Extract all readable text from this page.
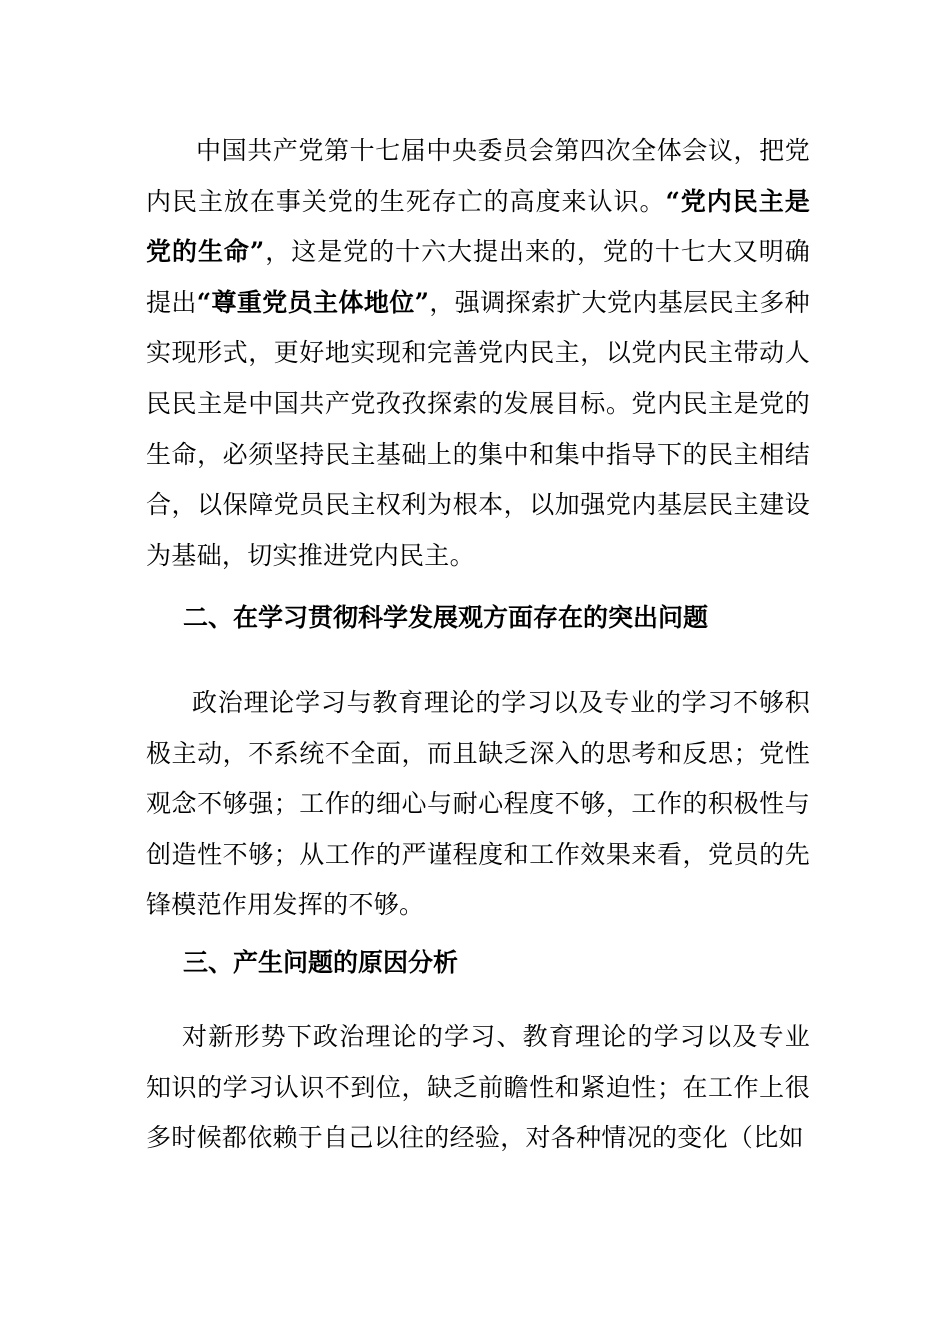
中国共产党第十七届中央委员会第四次全体会议，把党内民主放在事关党的生死存亡的高度来认识。“党内民主是党的生命”，这是党的十六大提出来的，党的十七大又明确提出“尊重党员主体地位”，强调探索扩大党内基层民主多种实现形式，更好地实现和完善党内民主，以党内民主带动人民民主是中国共产党孜孜探索的发展目标。党内民主是党的生命，必须坚持民主基础上的集中和集中指导下的民主相结合，以保障党员民主权利为根本，以加强党内基层民主建设为基础，切实推进党内民主。

二、在学习贯彻科学发展观方面存在的突出问题

政治理论学习与教育理论的学习以及专业的学习不够积极主动，不系统不全面，而且缺乏深入的思考和反思；党性观念不够强；工作的细心与耐心程度不够，工作的积极性与创造性不够；从工作的严谨程度和工作效果来看，党员的先锋模范作用发挥的不够。

三、产生问题的原因分析

对新形势下政治理论的学习、教育理论的学习以及专业知识的学习认识不到位，缺乏前瞻性和紧迫性；在工作上很多时候都依赖于自己以往的经验，对各种情况的变化（比如
